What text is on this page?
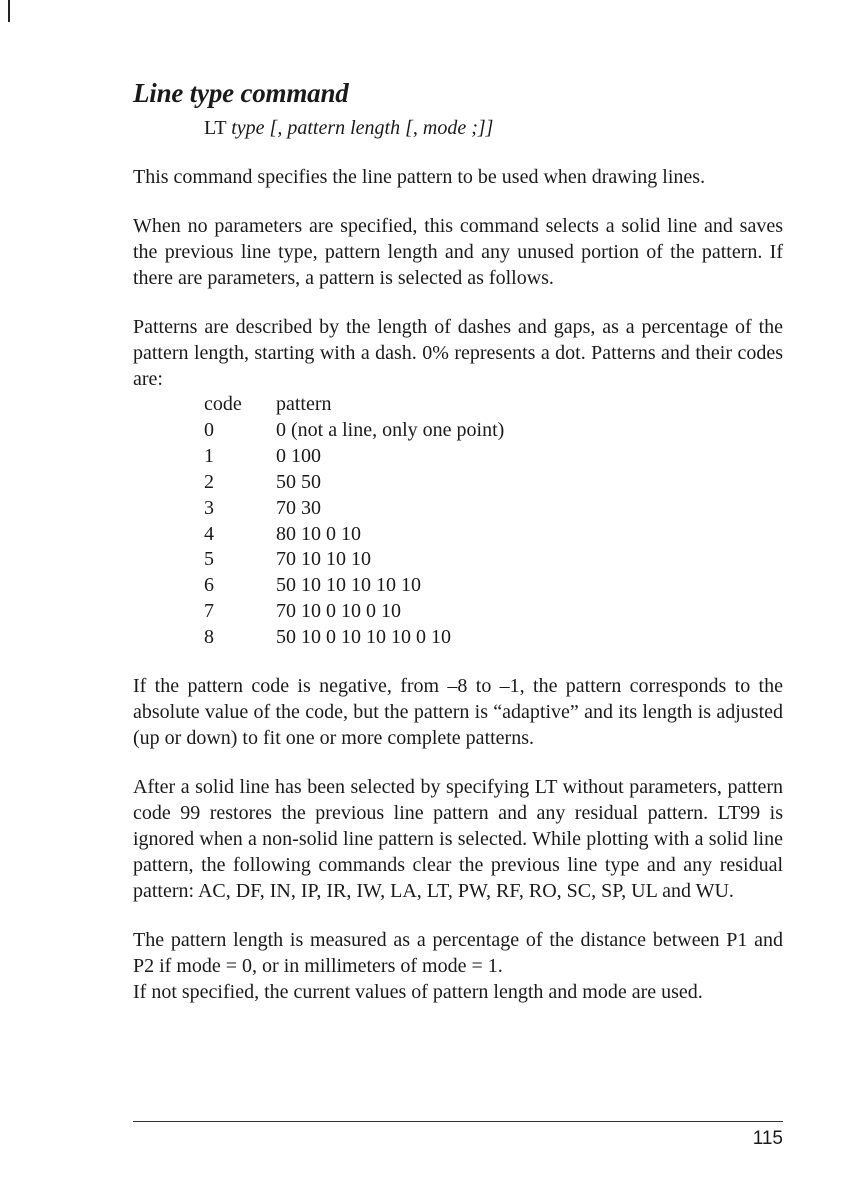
Line type command
LT type [, pattern length [, mode ;]]

This command specifies the line pattern to be used when drawing lines.

When no parameters are specified, this command selects a solid line and saves the previous line type, pattern length and any unused portion of the pattern. If there are parameters, a pattern is selected as follows.

Patterns are described by the length of dashes and gaps, as a percentage of the pattern length, starting with a dash. 0% represents a dot. Patterns and their codes are:

code	pattern
0	0 (not a line, only one point)
1	0 100
2	50 50
3	70 30
4	80 10 0 10
5	70 10 10 10
6	50 10 10 10 10 10
7	70 10 0 10 0 10
8	50 10 0 10 10 10 0 10

If the pattern code is negative, from –8 to –1, the pattern corresponds to the absolute value of the code, but the pattern is “adaptive” and its length is adjusted (up or down) to fit one or more complete patterns.

After a solid line has been selected by specifying LT without parameters, pattern code 99 restores the previous line pattern and any residual pattern. LT99 is ignored when a non-solid line pattern is selected. While plotting with a solid line pattern, the following commands clear the previous line type and any residual pattern: AC, DF, IN, IP, IR, IW, LA, LT, PW, RF, RO, SC, SP, UL and WU.

The pattern length is measured as a percentage of the distance between P1 and P2 if mode = 0, or in millimeters of mode = 1.

If not specified, the current values of pattern length and mode are used.

115
